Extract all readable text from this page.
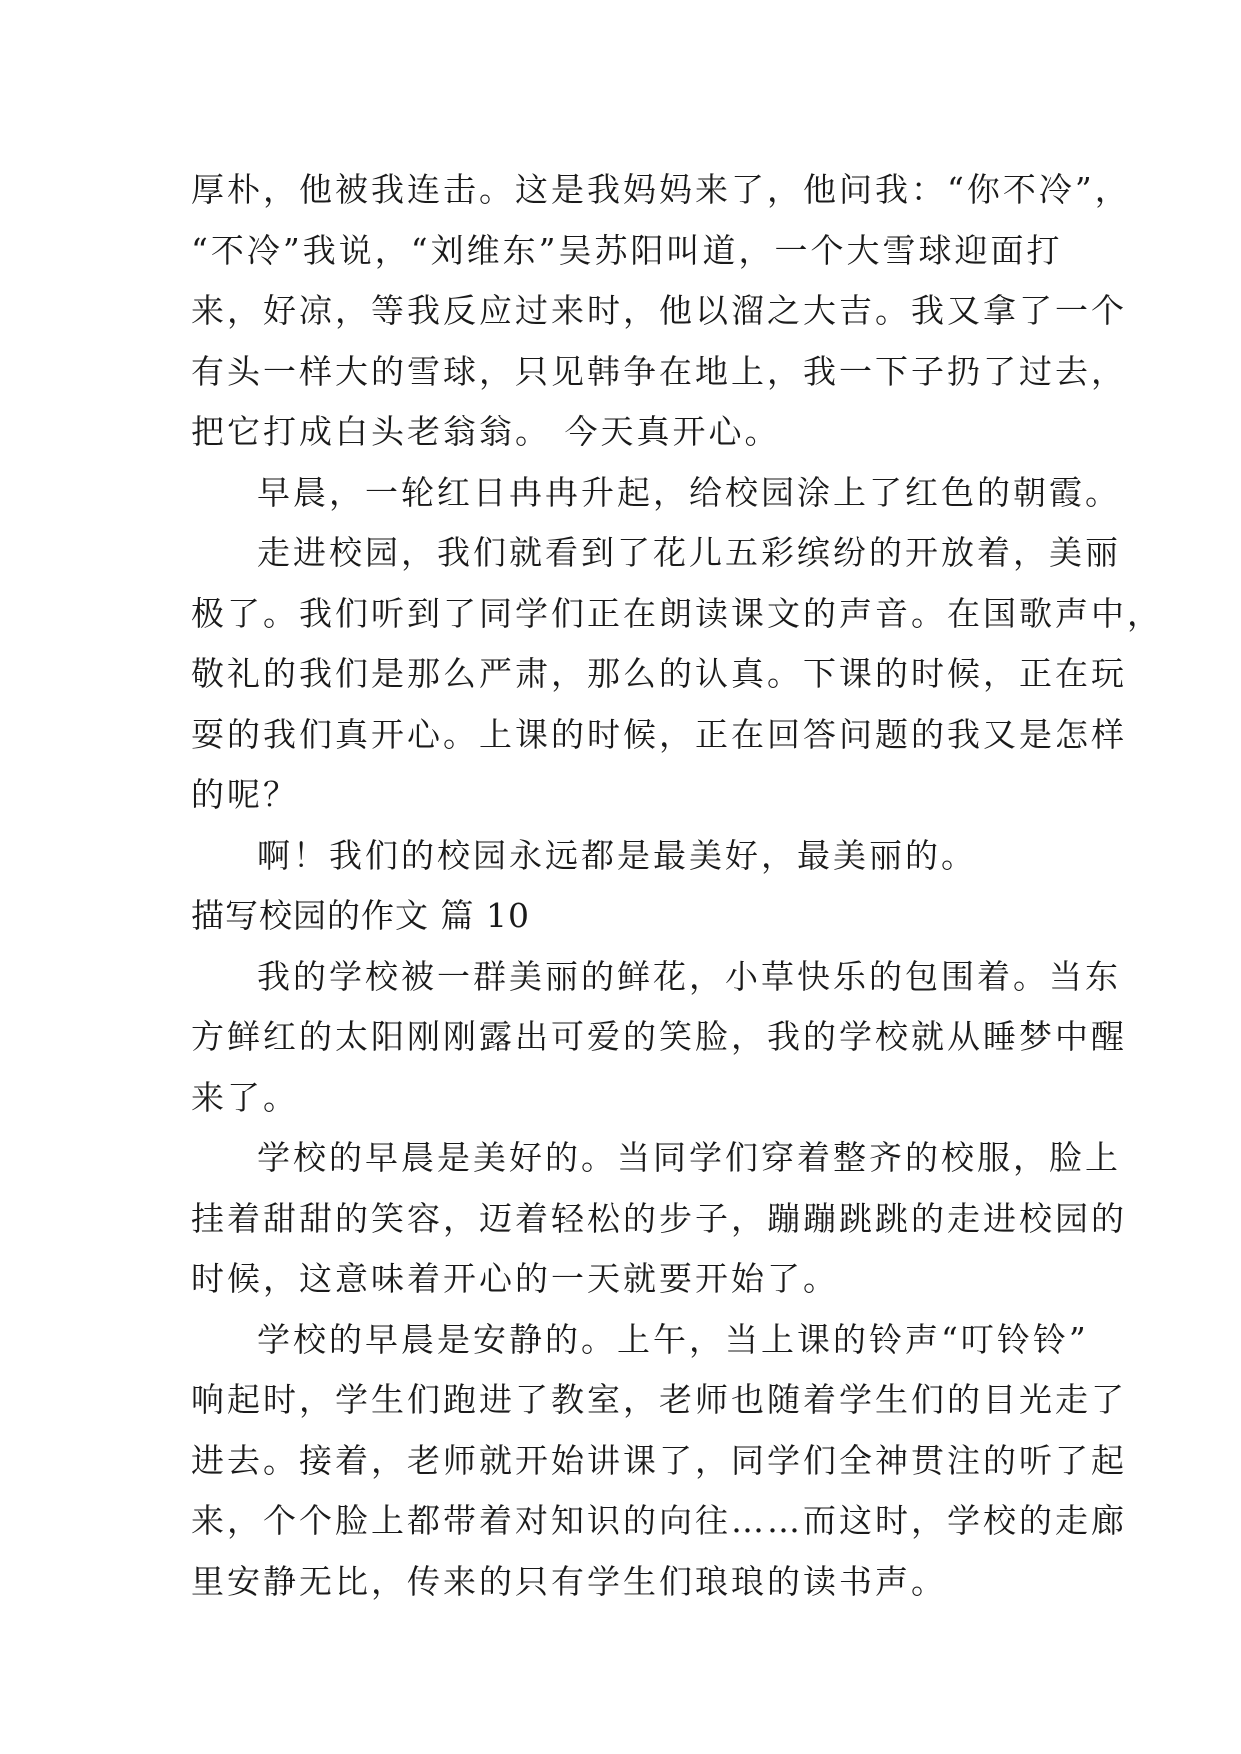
厚朴，他被我连击。这是我妈妈来了，他问我：“你不冷”，
“不冷”我说，“刘维东”吴苏阳叫道，一个大雪球迎面打
来，好凉，等我反应过来时，他以溜之大吉。我又拿了一个
有头一样大的雪球，只见韩争在地上，我一下子扔了过去，
把它打成白头老翁翁。 今天真开心。
早晨，一轮红日冉冉升起，给校园涂上了红色的朝霞。
走进校园，我们就看到了花儿五彩缤纷的开放着，美丽
极了。我们听到了同学们正在朗读课文的声音。在国歌声中，
敬礼的我们是那么严肃，那么的认真。下课的时候，正在玩
耍的我们真开心。上课的时候，正在回答问题的我又是怎样
的呢？
啊！我们的校园永远都是最美好，最美丽的。
描写校园的作文 篇 10
我的学校被一群美丽的鲜花，小草快乐的包围着。当东
方鲜红的太阳刚刚露出可爱的笑脸，我的学校就从睡梦中醒
来了。
学校的早晨是美好的。当同学们穿着整齐的校服，脸上
挂着甜甜的笑容，迈着轻松的步子，蹦蹦跳跳的走进校园的
时候，这意味着开心的一天就要开始了。
学校的早晨是安静的。上午，当上课的铃声“叮铃铃”
响起时，学生们跑进了教室，老师也随着学生们的目光走了
进去。接着，老师就开始讲课了，同学们全神贯注的听了起
来，个个脸上都带着对知识的向往……而这时，学校的走廊
里安静无比，传来的只有学生们琅琅的读书声。
